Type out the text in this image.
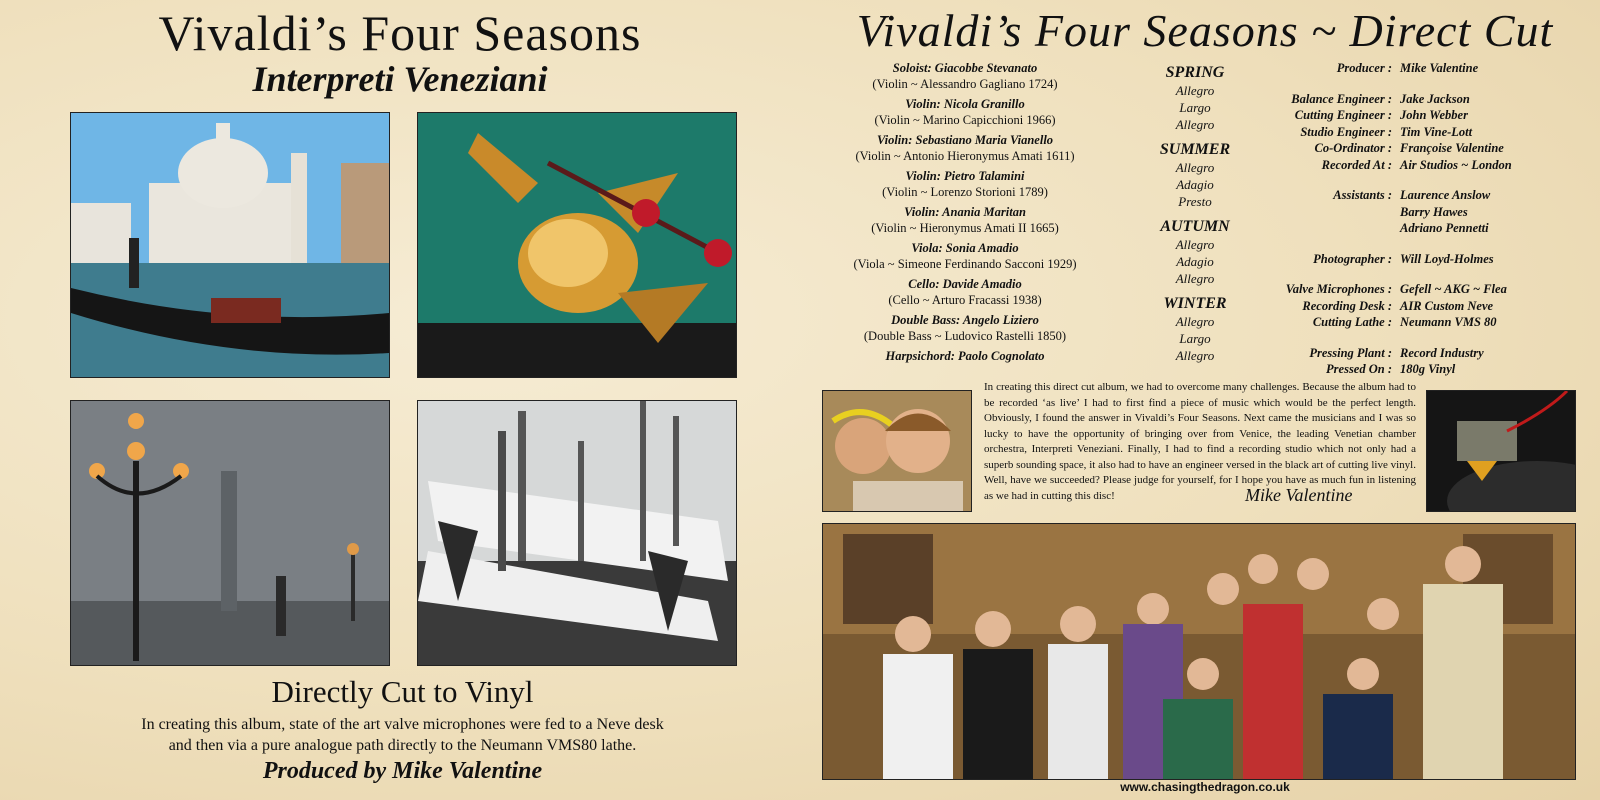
Vivaldi’s Four Seasons
Interpreti Veneziani
Directly Cut to Vinyl
In creating this album, state of the art valve microphones were fed to a Neve desk
and then via a pure analogue path directly to the Neumann VMS80 lathe.
Produced by Mike Valentine
Vivaldi’s Four Seasons ~ Direct Cut
Soloist: Giacobbe Stevanato
(Violin ~ Alessandro Gagliano 1724)
Violin: Nicola Granillo
(Violin ~ Marino Capicchioni 1966)
Violin: Sebastiano Maria Vianello
(Violin ~ Antonio Hieronymus Amati 1611)
Violin: Pietro Talamini
(Violin ~ Lorenzo Storioni 1789)
Violin: Anania Maritan
(Violin ~ Hieronymus Amati II 1665)
Viola: Sonia Amadio
(Viola ~ Simeone Ferdinando Sacconi 1929)
Cello: Davide Amadio
(Cello ~ Arturo Fracassi 1938)
Double Bass: Angelo Liziero
(Double Bass ~ Ludovico Rastelli 1850)
Harpsichord: Paolo Cognolato
SPRING
Allegro
Largo
Allegro
SUMMER
Allegro
Adagio
Presto
AUTUMN
Allegro
Adagio
Allegro
WINTER
Allegro
Largo
Allegro
Producer : Mike Valentine
Balance Engineer : Jake Jackson
Cutting Engineer : John Webber
Studio Engineer : Tim Vine-Lott
Co-Ordinator : Françoise Valentine
Recorded At : Air Studios ~ London
Assistants : Laurence Anslow
Barry Hawes
Adriano Pennetti
Photographer : Will Loyd-Holmes
Valve Microphones : Gefell ~ AKG ~ Flea
Recording Desk : AIR Custom Neve
Cutting Lathe : Neumann VMS 80
Pressing Plant : Record Industry
Pressed On : 180g Vinyl
In creating this direct cut album, we had to overcome many challenges. Because the album had to be recorded ‘as live’ I had to first find a piece of music which would be the perfect length. Obviously, I found the answer in Vivaldi’s Four Seasons. Next came the musicians and I was so lucky to have the opportunity of bringing over from Venice, the leading Venetian chamber orchestra, Interpreti Veneziani. Finally, I had to find a recording studio which not only had a superb sounding space, it also had to have an engineer versed in the black art of cutting live vinyl. Well, have we succeeded? Please judge for yourself, for I hope you have as much fun in listening as we had in cutting this disc!	Mike Valentine
www.chasingthedragon.co.uk
